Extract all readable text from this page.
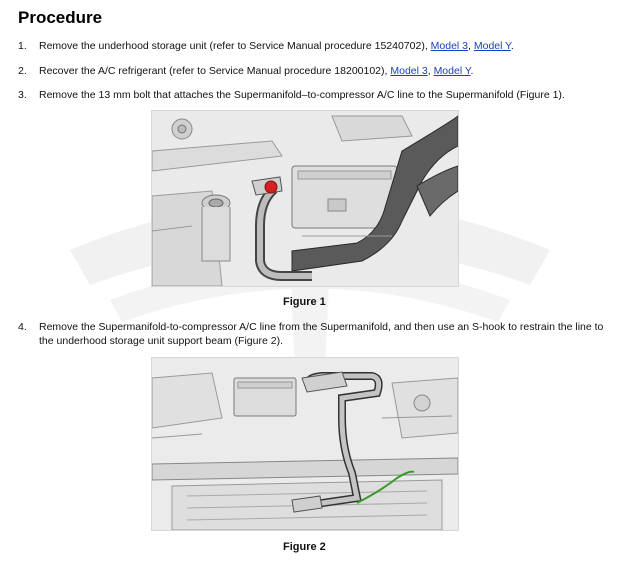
Procedure
1. Remove the underhood storage unit (refer to Service Manual procedure 15240702), Model 3, Model Y.
2. Recover the A/C refrigerant (refer to Service Manual procedure 18200102), Model 3, Model Y.
3. Remove the 13 mm bolt that attaches the Supermanifold–to-compressor A/C line to the Supermanifold (Figure 1).
Figure 1
4. Remove the Supermanifold-to-compressor A/C line from the Supermanifold, and then use an S-hook to restrain the line to the underhood storage unit support beam (Figure 2).
Figure 2
